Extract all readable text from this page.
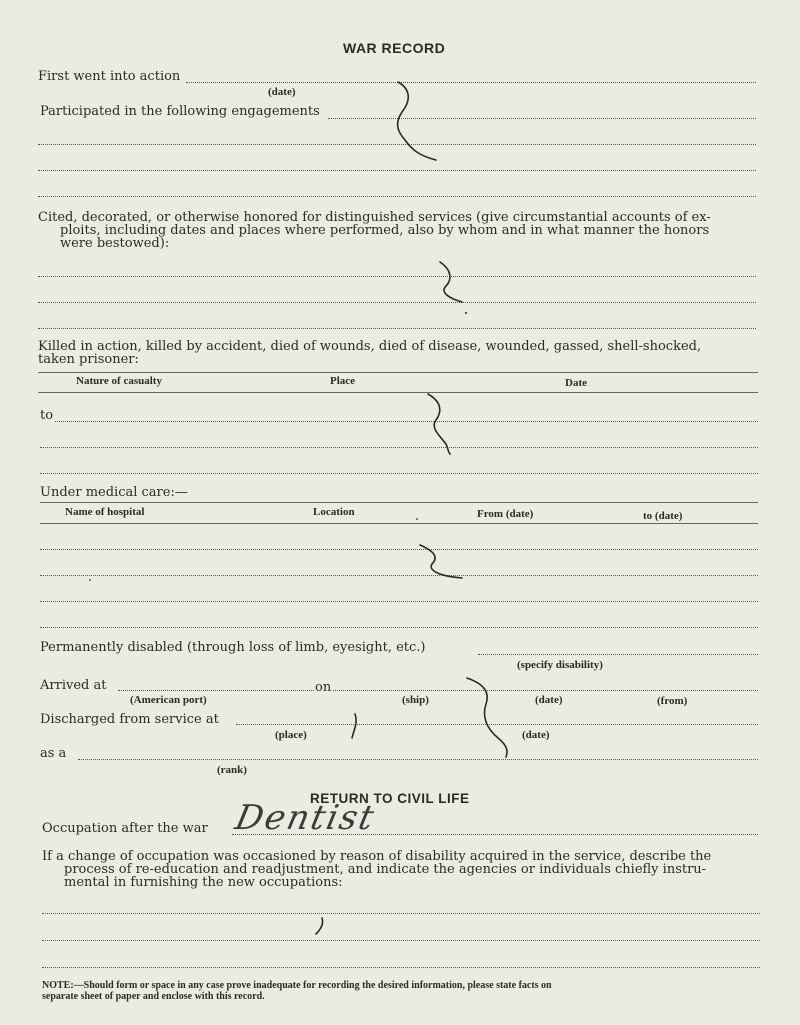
WAR RECORD
First went into action
(date)
Participated in the following engagements
Cited, decorated, or otherwise honored for distinguished services (give circumstantial accounts of ex-
ploits, including dates and places where performed, also by whom and in what manner the honors
were bestowed):
Killed in action, killed by accident, died of wounds, died of disease, wounded, gassed, shell-shocked,
taken prisoner:
Nature of casualty	Place	Date
to
Under medical care:—
Name of hospital	Location	From (date)	to (date)
Permanently disabled (through loss of limb, eyesight, etc.)
(specify disability)
Arrived at	on
(American port)	(ship)	(date)	(from)
Discharged from service at
(place)	(date)
as a
(rank)
RETURN TO CIVIL LIFE
Occupation after the war Dentist
If a change of occupation was occasioned by reason of disability acquired in the service, describe the
process of re-education and readjustment, and indicate the agencies or individuals chiefly instru-
mental in furnishing the new occupations:
NOTE:—Should form or space in any case prove inadequate for recording the desired information, please state facts on
separate sheet of paper and enclose with this record.
